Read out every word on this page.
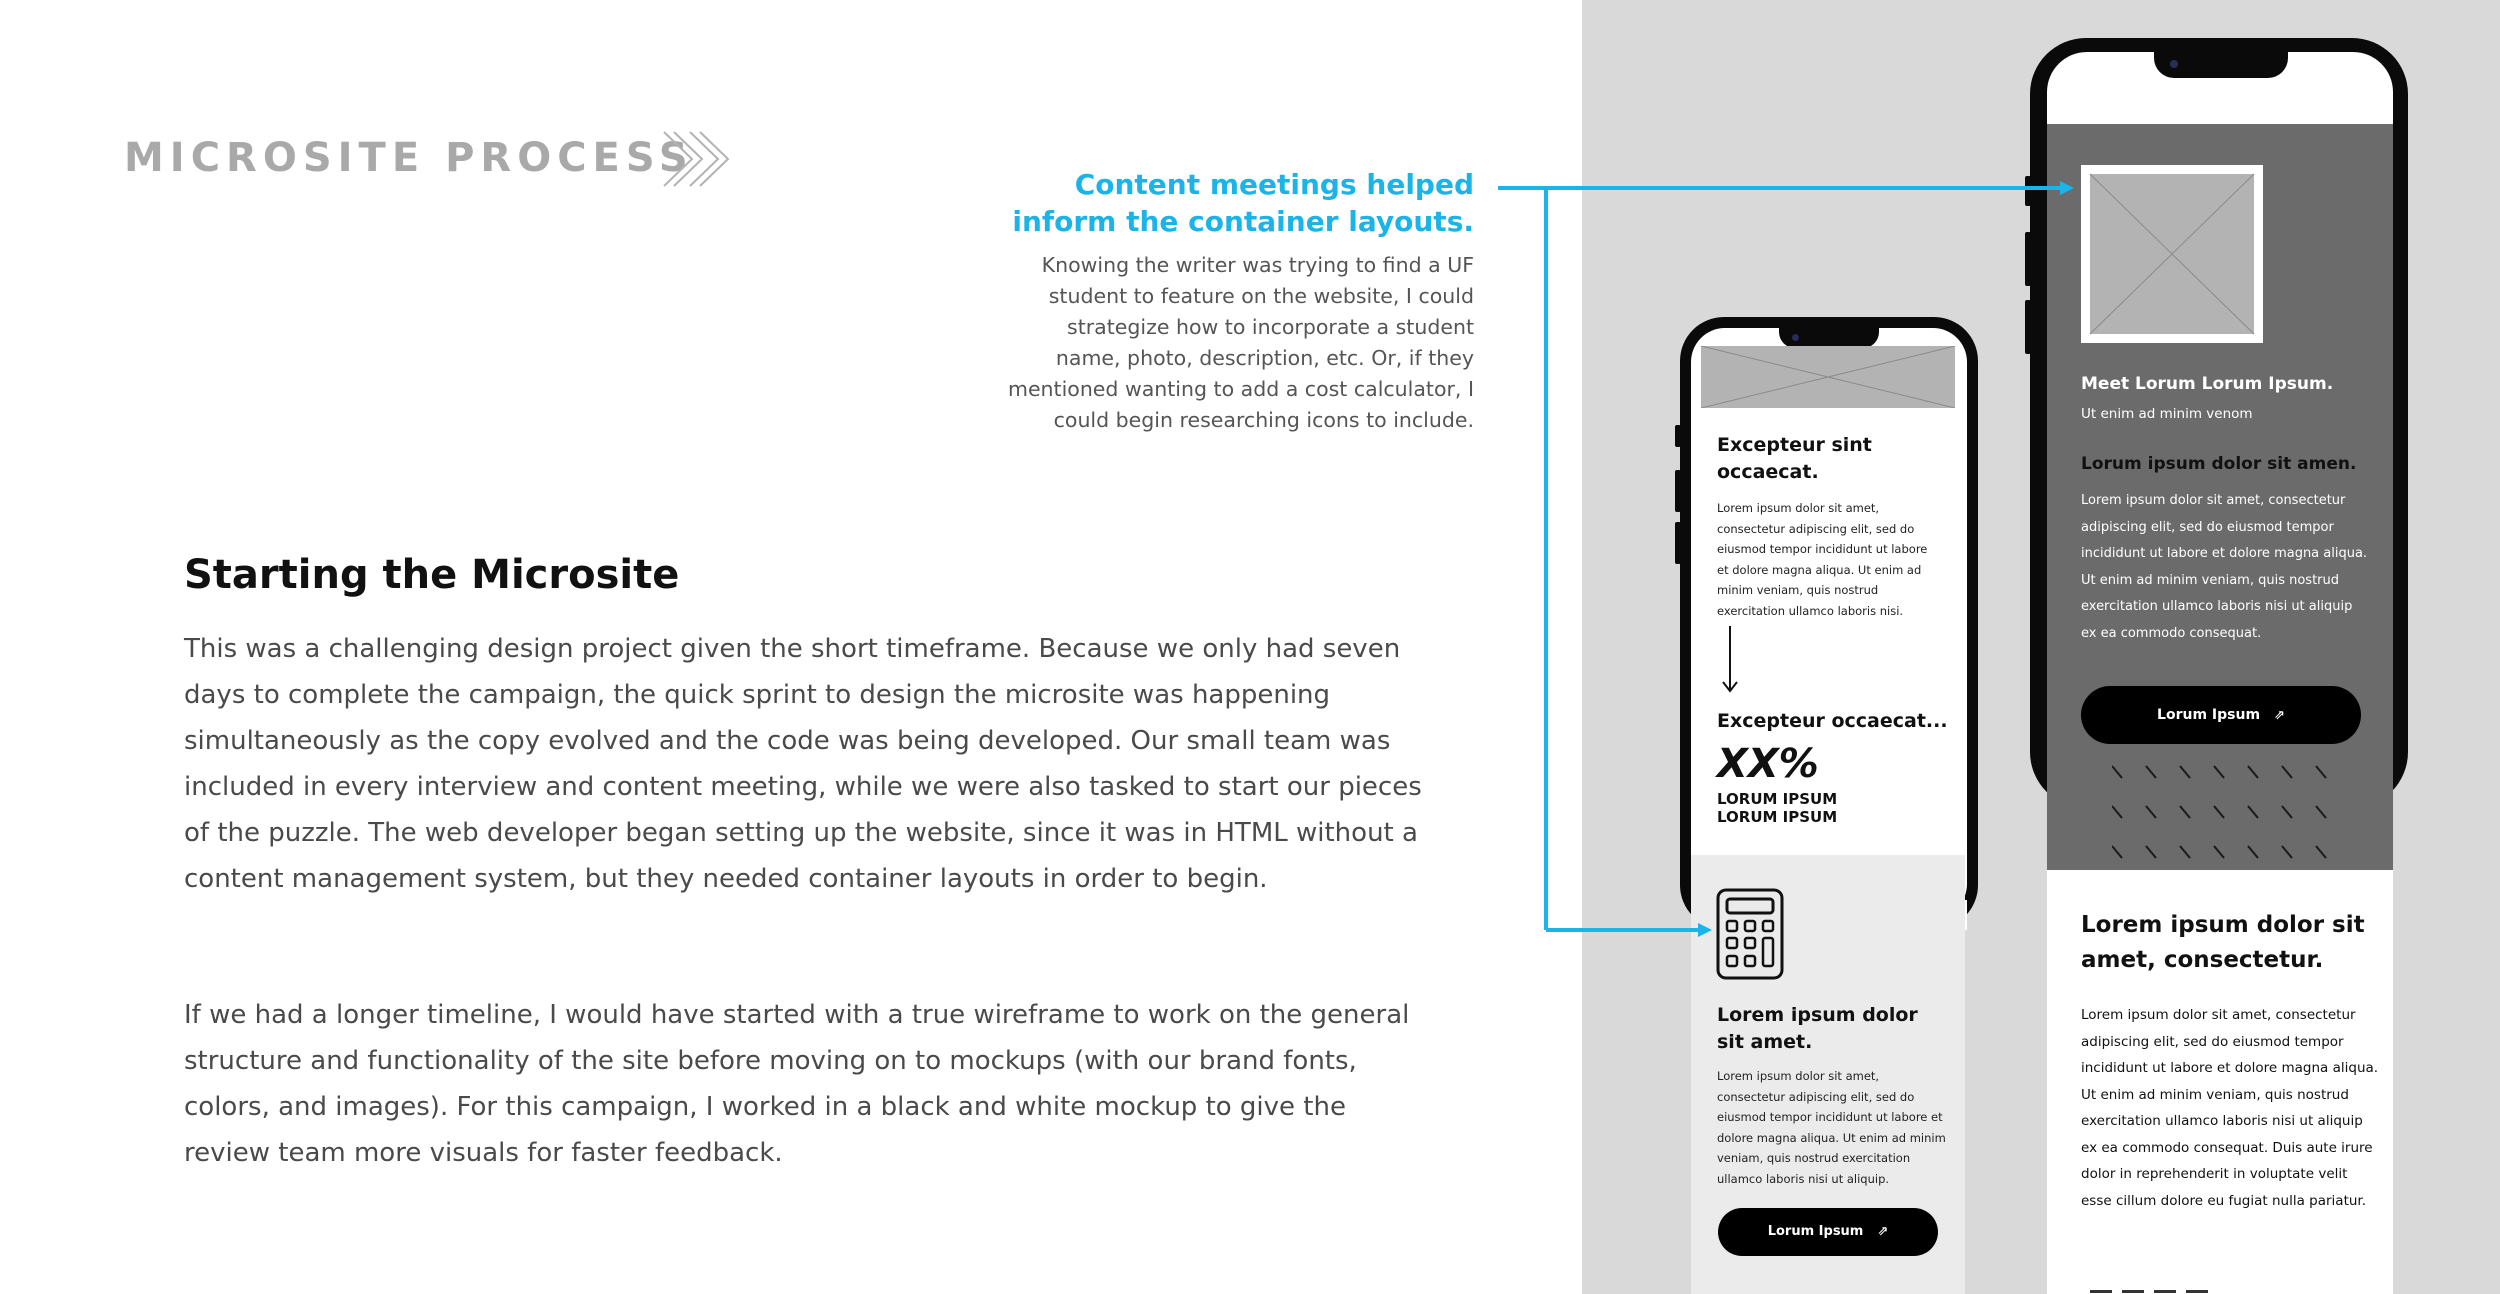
MICROSITE PROCESS
Content meetings helped inform the container layouts.
Knowing the writer was trying to find a UF student to feature on the website, I could strategize how to incorporate a student name, photo, description, etc. Or, if they mentioned wanting to add a cost calculator, I could begin researching icons to include.
Starting the Microsite
This was a challenging design project given the short timeframe. Because we only had seven days to complete the campaign, the quick sprint to design the microsite was happening simultaneously as the copy evolved and the code was being developed. Our small team was included in every interview and content meeting, while we were also tasked to start our pieces of the puzzle. The web developer began setting up the website, since it was in HTML without a content management system, but they needed container layouts in order to begin.
If we had a longer timeline, I would have started with a true wireframe to work on the general structure and functionality of the site before moving on to mockups (with our brand fonts, colors, and images). For this campaign, I worked in a black and white mockup to give the review team more visuals for faster feedback.
Excepteur sint occaecat.
Lorem ipsum dolor sit amet, consectetur adipiscing elit, sed do eiusmod tempor incididunt ut labore et dolore magna aliqua. Ut enim ad minim veniam, quis nostrud exercitation ullamco laboris nisi.
Excepteur occaecat...
XX%
LORUM IPSUM
LORUM IPSUM
Lorem ipsum dolor sit amet.
Lorem ipsum dolor sit amet, consectetur adipiscing elit, sed do eiusmod tempor incididunt ut labore et dolore magna aliqua. Ut enim ad minim veniam, quis nostrud exercitation ullamco laboris nisi ut aliquip.
Lorum Ipsum ⇗
Meet Lorum Lorum Ipsum.
Ut enim ad minim venom
Lorum ipsum dolor sit amen.
Lorem ipsum dolor sit amet, consectetur adipiscing elit, sed do eiusmod tempor incididunt ut labore et dolore magna aliqua. Ut enim ad minim veniam, quis nostrud exercitation ullamco laboris nisi ut aliquip ex ea commodo consequat.
Lorum Ipsum ⇗
Lorem ipsum dolor sit amet, consectetur.
Lorem ipsum dolor sit amet, consectetur adipiscing elit, sed do eiusmod tempor incididunt ut labore et dolore magna aliqua. Ut enim ad minim veniam, quis nostrud exercitation ullamco laboris nisi ut aliquip ex ea commodo consequat. Duis aute irure dolor in reprehenderit in voluptate velit esse cillum dolore eu fugiat nulla pariatur.
